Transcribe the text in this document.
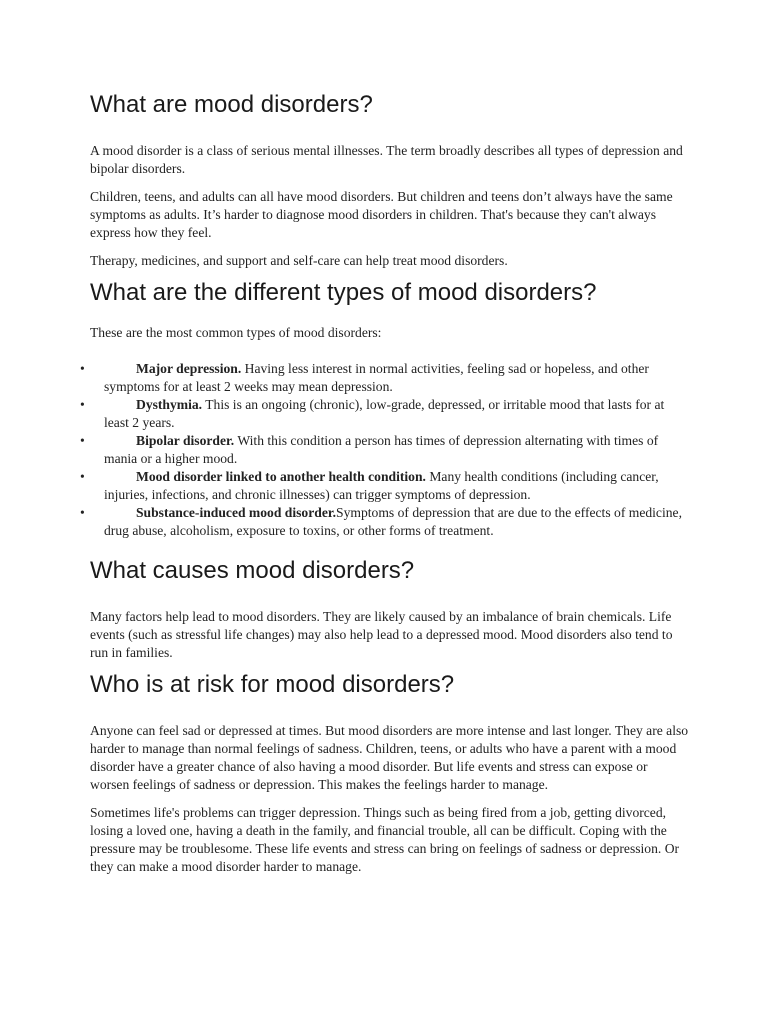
What are mood disorders?

A mood disorder is a class of serious mental illnesses. The term broadly describes all types of depression and bipolar disorders.

Children, teens, and adults can all have mood disorders. But children and teens don’t always have the same symptoms as adults. It’s harder to diagnose mood disorders in children. That's because they can't always express how they feel.

Therapy, medicines, and support and self-care can help treat mood disorders.

What are the different types of mood disorders?

These are the most common types of mood disorders:

•	Major depression. Having less interest in normal activities, feeling sad or hopeless, and other symptoms for at least 2 weeks may mean depression.
•	Dysthymia. This is an ongoing (chronic), low-grade, depressed, or irritable mood that lasts for at least 2 years.
•	Bipolar disorder. With this condition a person has times of depression alternating with times of mania or a higher mood.
•	Mood disorder linked to another health condition. Many health conditions (including cancer, injuries, infections, and chronic illnesses) can trigger symptoms of depression.
•	Substance-induced mood disorder.Symptoms of depression that are due to the effects of medicine, drug abuse, alcoholism, exposure to toxins, or other forms of treatment.
What causes mood disorders?

Many factors help lead to mood disorders. They are likely caused by an imbalance of brain chemicals. Life events (such as stressful life changes) may also help lead to a depressed mood. Mood disorders also tend to run in families.

Who is at risk for mood disorders?

Anyone can feel sad or depressed at times. But mood disorders are more intense and last longer. They are also harder to manage than normal feelings of sadness. Children, teens, or adults who have a parent with a mood disorder have a greater chance of also having a mood disorder. But life events and stress can expose or worsen feelings of sadness or depression. This makes the feelings harder to manage.

Sometimes life's problems can trigger depression. Things such as being fired from a job, getting divorced, losing a loved one, having a death in the family, and financial trouble, all can be difficult. Coping with the pressure may be troublesome. These life events and stress can bring on feelings of sadness or depression. Or they can make a mood disorder harder to manage.
